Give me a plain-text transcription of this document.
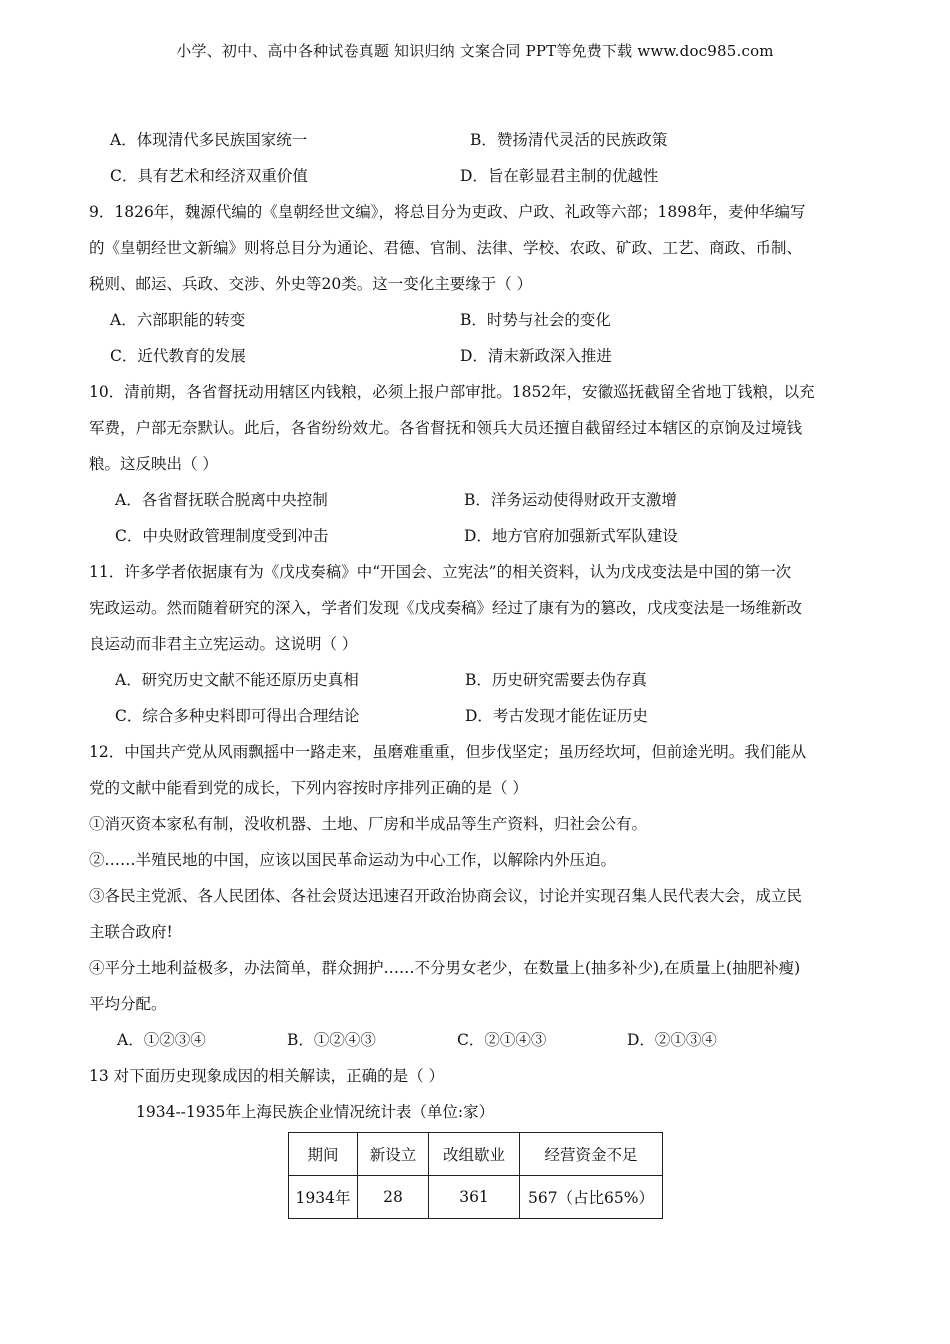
小学、初中、高中各种试卷真题 知识归纳 文案合同 PPT等免费下载 www.doc985.com
A．体现清代多民族国家统一	B．赞扬清代灵活的民族政策
C．具有艺术和经济双重价值	D．旨在彰显君主制的优越性
9．1826年，魏源代编的《皇朝经世文编》，将总目分为吏政、户政、礼政等六部；1898年，麦仲华编写
的《皇朝经世文新编》则将总目分为通论、君德、官制、法律、学校、农政、矿政、工艺、商政、币制、
税则、邮运、兵政、交涉、外史等20类。这一变化主要缘于（ ）
A．六部职能的转变	B．时势与社会的变化
C．近代教育的发展	D．清末新政深入推进
10．清前期，各省督抚动用辖区内钱粮，必须上报户部审批。1852年，安徽巡抚截留全省地丁钱粮，以充
军费，户部无奈默认。此后，各省纷纷效尤。各省督抚和领兵大员还擅自截留经过本辖区的京饷及过境钱
粮。这反映出（ ）
A．各省督抚联合脱离中央控制	B．洋务运动使得财政开支激增
C．中央财政管理制度受到冲击	D．地方官府加强新式军队建设
11．许多学者依据康有为《戊戌奏稿》中“开国会、立宪法”的相关资料，认为戊戌变法是中国的第一次
宪政运动。然而随着研究的深入，学者们发现《戊戌奏稿》经过了康有为的篡改，戊戌变法是一场维新改
良运动而非君主立宪运动。这说明（ ）
A．研究历史文献不能还原历史真相	B．历史研究需要去伪存真
C．综合多种史料即可得出合理结论	D．考古发现才能佐证历史
12．中国共产党从风雨飘摇中一路走来，虽磨难重重，但步伐坚定；虽历经坎坷，但前途光明。我们能从
党的文献中能看到党的成长，下列内容按时序排列正确的是（ ）
①消灭资本家私有制，没收机器、土地、厂房和半成品等生产资料，归社会公有。
②……半殖民地的中国，应该以国民革命运动为中心工作，以解除内外压迫。
③各民主党派、各人民团体、各社会贤达迅速召开政治协商会议，讨论并实现召集人民代表大会，成立民
主联合政府!
④平分土地利益极多，办法简单，群众拥护……不分男女老少，在数量上(抽多补少),在质量上(抽肥补瘦)
平均分配。
A．①②③④	B．①②④③	C．②①④③	D．②①③④
13 对下面历史现象成因的相关解读，正确的是（ ）
1934--1935年上海民族企业情况统计表（单位:家）
期间	新设立	改组歇业	经营资金不足
1934年	28	361	567（占比65%）
